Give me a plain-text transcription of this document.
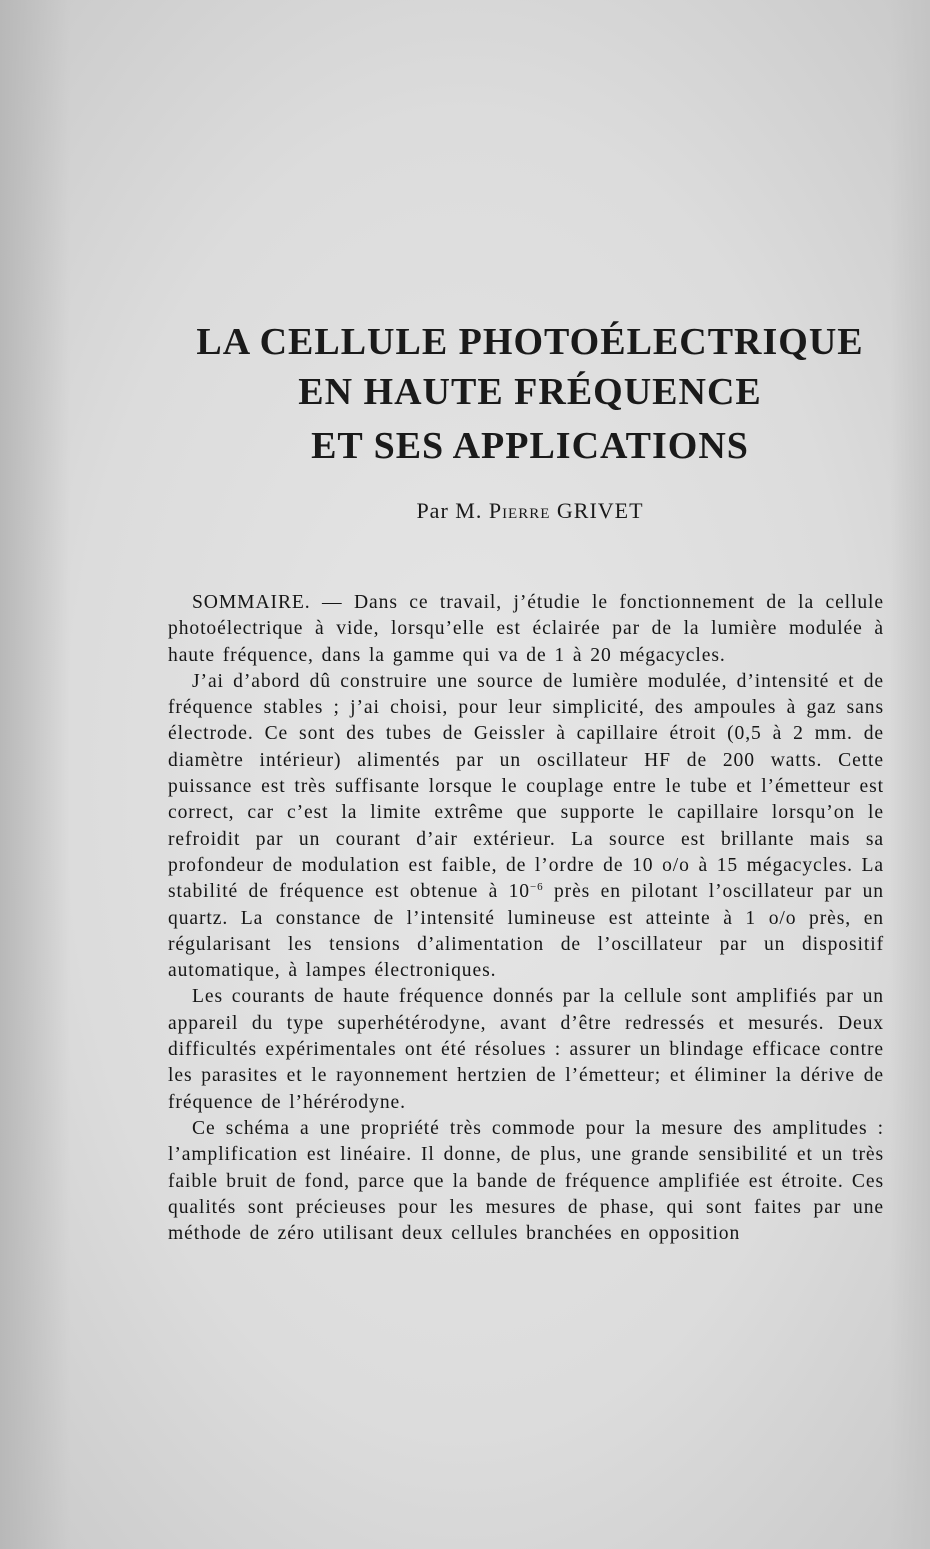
LA CELLULE PHOTOÉLECTRIQUE
EN HAUTE FRÉQUENCE
ET SES APPLICATIONS

Par M. Pierre GRIVET

SOMMAIRE. — Dans ce travail, j’étudie le fonctionnement de la cellule photoélectrique à vide, lorsqu’elle est éclairée par de la lumière modulée à haute fréquence, dans la gamme qui va de 1 à 20 mégacycles.

J’ai d’abord dû construire une source de lumière modulée, d’intensité et de fréquence stables ; j’ai choisi, pour leur simplicité, des ampoules à gaz sans électrode. Ce sont des tubes de Geissler à capillaire étroit (0,5 à 2 mm. de diamètre intérieur) alimentés par un oscillateur HF de 200 watts. Cette puissance est très suffisante lorsque le couplage entre le tube et l’émetteur est correct, car c’est la limite extrême que supporte le capillaire lorsqu’on le refroidit par un courant d’air extérieur. La source est brillante mais sa profondeur de modulation est faible, de l’ordre de 10 o/o à 15 mégacycles. La stabilité de fréquence est obtenue à $10^{-6}$ près en pilotant l’oscillateur par un quartz. La constance de l’intensité lumineuse est atteinte à 1 o/o près, en régularisant les tensions d’alimentation de l’oscillateur par un dispositif automatique, à lampes électroniques.

Les courants de haute fréquence donnés par la cellule sont amplifiés par un appareil du type superhétérodyne, avant d’être redressés et mesurés. Deux difficultés expérimentales ont été résolues : assurer un blindage efficace contre les parasites et le rayonnement hertzien de l’émetteur; et éliminer la dérive de fréquence de l’hérérodyne.

Ce schéma a une propriété très commode pour la mesure des amplitudes : l’amplification est linéaire. Il donne, de plus, une grande sensibilité et un très faible bruit de fond, parce que la bande de fréquence amplifiée est étroite. Ces qualités sont précieuses pour les mesures de phase, qui sont faites par une méthode de zéro utilisant deux cellules branchées en opposition
